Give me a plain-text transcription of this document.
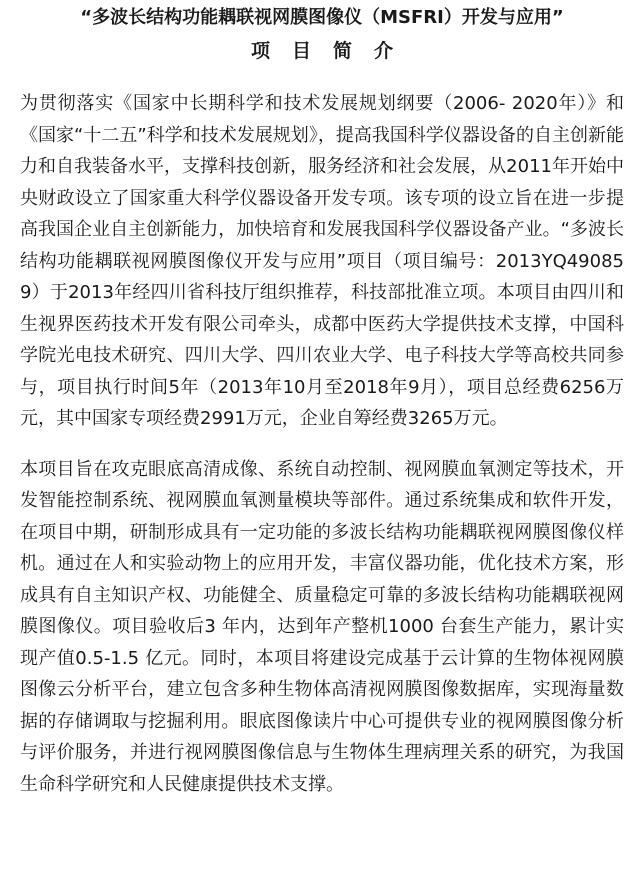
“多波长结构功能耦联视网膜图像仪（MSFRI）开发与应用”
项目简介

为贯彻落实《国家中长期科学和技术发展规划纲要（2006- 2020年）》和《国家“十二五”科学和技术发展规划》，提高我国科学仪器设备的自主创新能力和自我装备水平，支撑科技创新，服务经济和社会发展，从2011年开始中央财政设立了国家重大科学仪器设备开发专项。该专项的设立旨在进一步提高我国企业自主创新能力，加快培育和发展我国科学仪器设备产业。“多波长结构功能耦联视网膜图像仪开发与应用”项目（项目编号：2013YQ490859）于2013年经四川省科技厅组织推荐，科技部批准立项。本项目由四川和生视界医药技术开发有限公司牵头，成都中医药大学提供技术支撑，中国科学院光电技术研究、四川大学、四川农业大学、电子科技大学等高校共同参与，项目执行时间5年（2013年10月至2018年9月），项目总经费6256万元，其中国家专项经费2991万元，企业自筹经费3265万元。

本项目旨在攻克眼底高清成像、系统自动控制、视网膜血氧测定等技术，开发智能控制系统、视网膜血氧测量模块等部件。通过系统集成和软件开发，在项目中期，研制形成具有一定功能的多波长结构功能耦联视网膜图像仪样机。通过在人和实验动物上的应用开发，丰富仪器功能，优化技术方案，形成具有自主知识产权、功能健全、质量稳定可靠的多波长结构功能耦联视网膜图像仪。项目验收后3 年内，达到年产整机1000 台套生产能力，累计实现产值0.5-1.5 亿元。同时，本项目将建设完成基于云计算的生物体视网膜图像云分析平台，建立包含多种生物体高清视网膜图像数据库，实现海量数据的存储调取与挖掘利用。眼底图像读片中心可提供专业的视网膜图像分析与评价服务，并进行视网膜图像信息与生物体生理病理关系的研究，为我国生命科学研究和人民健康提供技术支撑。
